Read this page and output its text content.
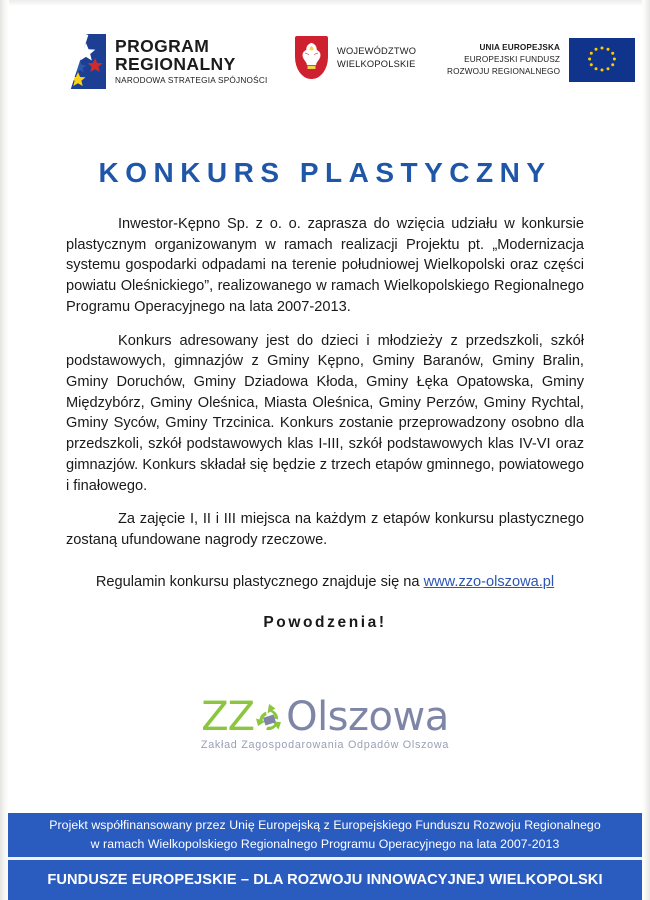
PROGRAM
REGIONALNY
NARODOWA STRATEGIA SPÓJNOŚCI
WOJEWÓDZTWO
WIELKOPOLSKIE
UNIA EUROPEJSKA
EUROPEJSKI FUNDUSZ
ROZWOJU REGIONALNEGO
KONKURS PLASTYCZNY

Inwestor-Kępno Sp. z o. o. zaprasza do wzięcia udziału w konkursie plastycznym organizowanym w ramach realizacji Projektu pt. „Modernizacja systemu gospodarki odpadami na terenie południowej Wielkopolski oraz części powiatu Oleśnickiego”, realizowanego w ramach Wielkopolskiego Regionalnego Programu Operacyjnego na lata 2007-2013.

Konkurs adresowany jest do dzieci i młodzieży z przedszkoli, szkół podstawowych, gimnazjów z Gminy Kępno, Gminy Baranów, Gminy Bralin, Gminy Doruchów, Gminy Dziadowa Kłoda, Gminy Łęka Opatowska, Gminy Międzybórz, Gminy Oleśnica, Miasta Oleśnica, Gminy Perzów, Gminy Rychtal, Gminy Syców, Gminy Trzcinica. Konkurs zostanie przeprowadzony osobno dla przedszkoli, szkół podstawowych klas I-III, szkół podstawowych klas IV-VI oraz gimnazjów. Konkurs składał się będzie z trzech etapów gminnego, powiatowego i finałowego.

Za zajęcie I, II i III miejsca na każdym z etapów konkursu plastycznego zostaną ufundowane nagrody rzeczowe.

Regulamin konkursu plastycznego znajduje się na www.zzo-olszowa.pl

Powodzenia!

ZZ Olszowa
Zakład Zagospodarowania Odpadów Olszowa
Projekt współfinansowany przez Unię Europejską z Europejskiego Funduszu Rozwoju Regionalnego
w ramach Wielkopolskiego Regionalnego Programu Operacyjnego na lata 2007-2013
FUNDUSZE EUROPEJSKIE – DLA ROZWOJU INNOWACYJNEJ WIELKOPOLSKI
